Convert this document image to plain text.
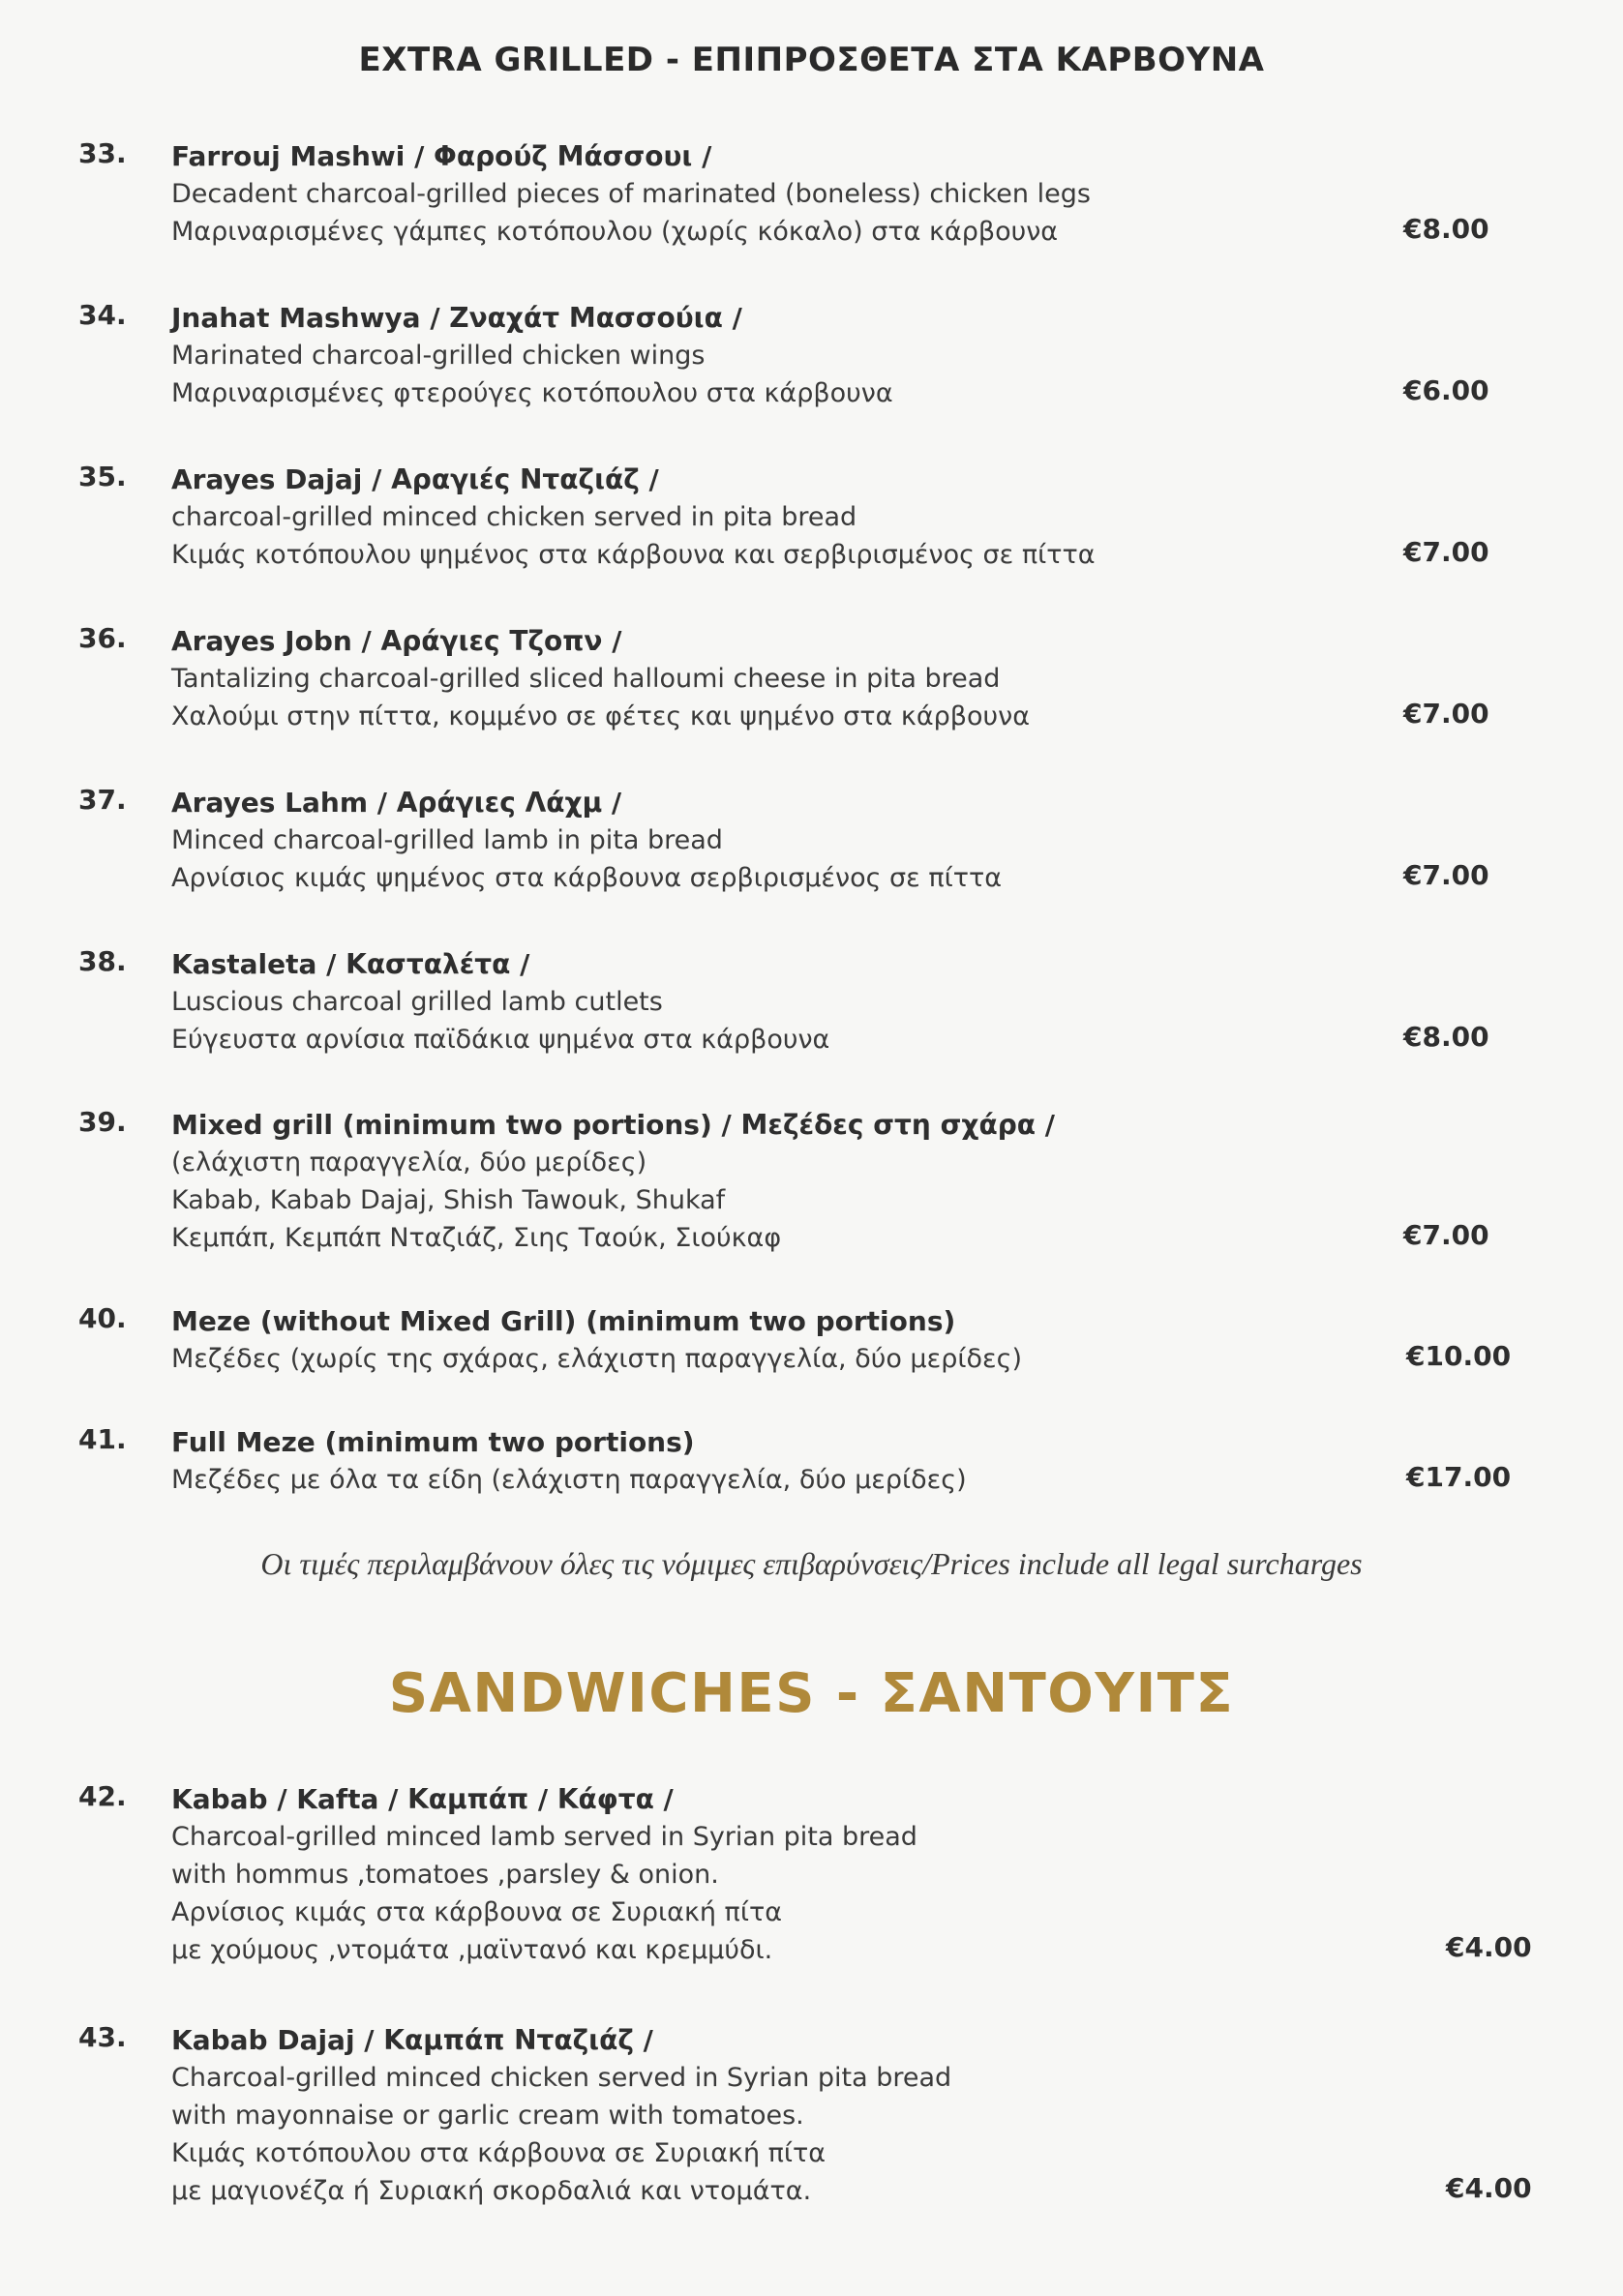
EXTRA GRILLED - ΕΠΙΠΡΟΣΘΕΤΑ ΣΤΑ ΚΑΡΒΟΥΝΑ
33. Farrouj Mashwi / Φαρούζ Μάσσουι /
Decadent charcoal-grilled pieces of marinated (boneless) chicken legs
Μαριναρισμένες γάμπες κοτόπουλου (χωρίς κόκαλο) στα κάρβουνα	€8.00
34. Jnahat Mashwya / Ζναχάτ Μασσούια /
Marinated charcoal-grilled chicken wings
Μαριναρισμένες φτερούγες κοτόπουλου στα κάρβουνα	€6.00
35. Arayes Dajaj / Αραγιές Νταζιάζ /
charcoal-grilled minced chicken served in pita bread
Κιμάς κοτόπουλου ψημένος στα κάρβουνα και σερβιρισμένος σε πίττα	€7.00
36. Arayes Jobn / Αράγιες Τζοπν /
Tantalizing charcoal-grilled sliced halloumi cheese in pita bread
Χαλούμι στην πίττα, κομμένο σε φέτες και ψημένο στα κάρβουνα	€7.00
37. Arayes Lahm / Αράγιες Λάχμ /
Minced charcoal-grilled lamb in pita bread
Αρνίσιος κιμάς ψημένος στα κάρβουνα σερβιρισμένος σε πίττα	€7.00
38. Kastaleta / Κασταλέτα /
Luscious charcoal grilled lamb cutlets
Εύγευστα αρνίσια παϊδάκια ψημένα στα κάρβουνα	€8.00
39. Mixed grill (minimum two portions) / Μεζέδες στη σχάρα /
(ελάχιστη παραγγελία, δύο μερίδες)
Kabab, Kabab Dajaj, Shish Tawouk, Shukaf
Κεμπάπ, Κεμπάπ Νταζιάζ, Σιης Ταούκ, Σιούκαφ	€7.00
40. Meze (without Mixed Grill) (minimum two portions)
Μεζέδες (χωρίς της σχάρας, ελάχιστη παραγγελία, δύο μερίδες)	€10.00
41. Full Meze (minimum two portions)
Μεζέδες με όλα τα είδη (ελάχιστη παραγγελία, δύο μερίδες)	€17.00
Οι τιμές περιλαμβάνουν όλες τις νόμιμες επιβαρύνσεις/Prices include all legal surcharges
SANDWICHES - ΣΑΝΤΟΥΙΤΣ
42. Kabab / Kafta / Καμπάπ / Κάφτα /
Charcoal-grilled minced lamb served in Syrian pita bread
with hommus ,tomatoes ,parsley & onion.
Αρνίσιος κιμάς στα κάρβουνα σε Συριακή πίτα
με χούμους ,ντομάτα ,μαϊντανό και κρεμμύδι.	€4.00
43. Kabab Dajaj / Καμπάπ Νταζιάζ /
Charcoal-grilled minced chicken served in Syrian pita bread
with mayonnaise or garlic cream with tomatoes.
Κιμάς κοτόπουλου στα κάρβουνα σε Συριακή πίτα
με μαγιονέζα ή Συριακή σκορδαλιά και ντομάτα.	€4.00
